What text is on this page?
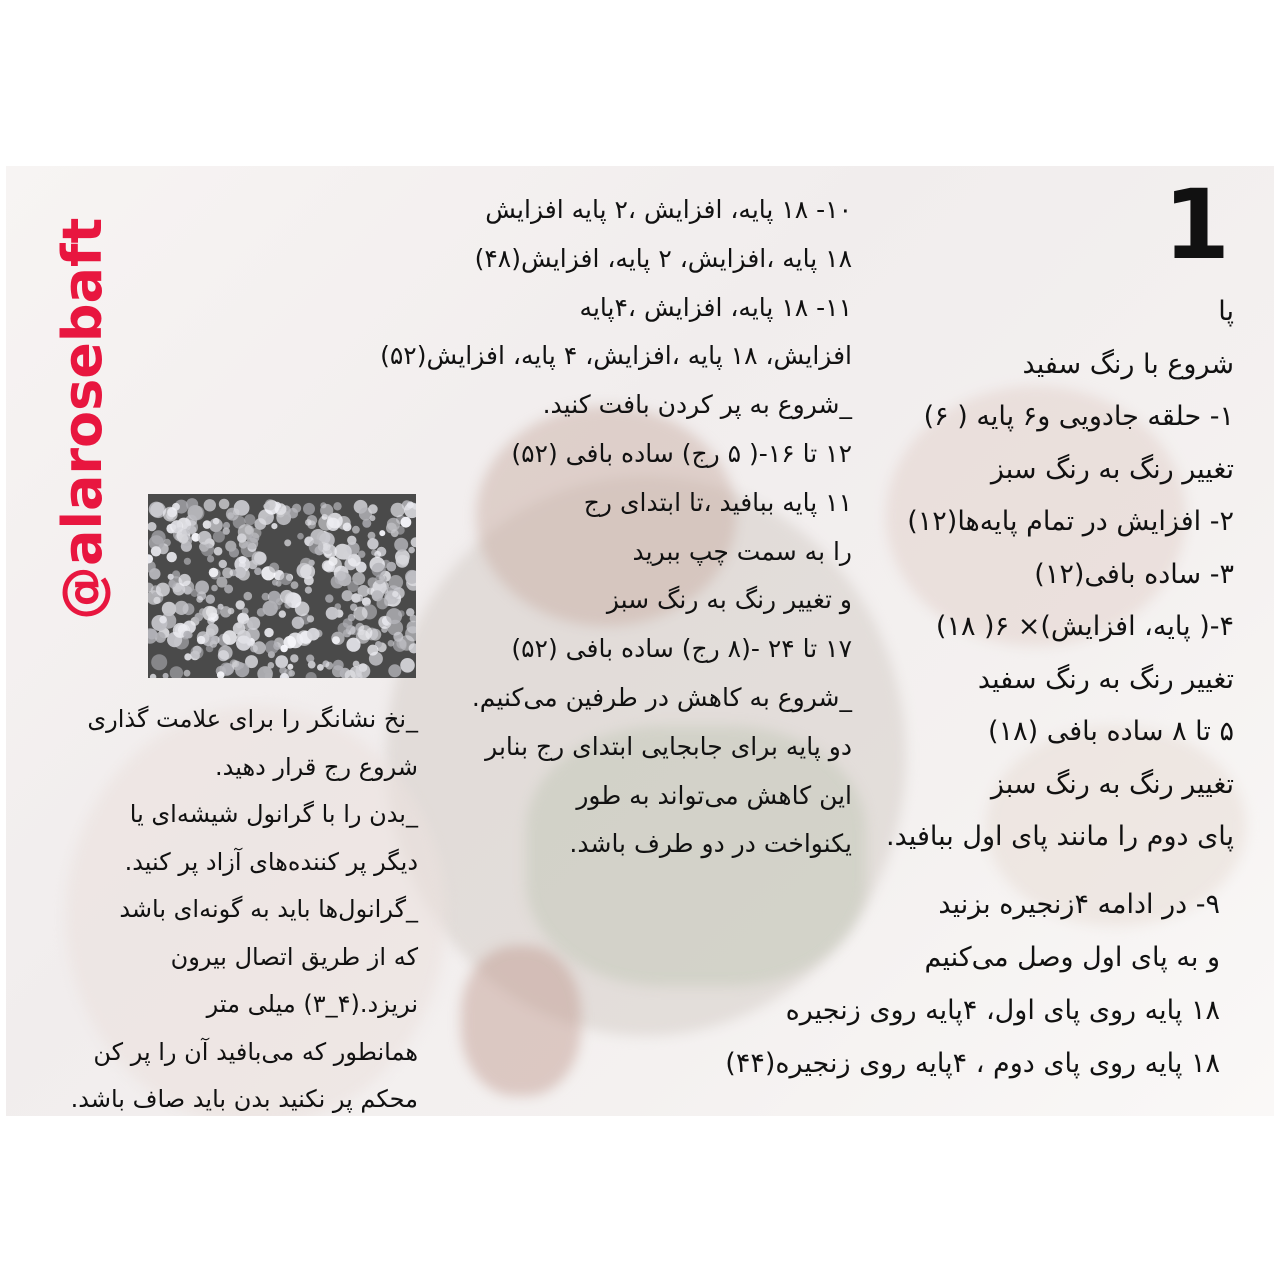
@alarosebaft	1
پا
شروع با رنگ سفید
۱- حلقه جادویی و۶ پایه ( ۶)
تغییر رنگ به رنگ سبز
۲- افزایش در تمام پایه‌ها(۱۲)
۳- ساده بافی(۱۲)
۴-( پایه، افزایش)× ۶( ۱۸)
تغییر رنگ به رنگ سفید
۵ تا ۸ ساده بافی (۱۸)
تغییر رنگ به رنگ سبز
پای دوم را مانند پای اول ببافید.
۹- در ادامه ۴زنجیره بزنید
و به پای اول وصل می‌کنیم
۱۸ پایه روی پای اول، ۴پایه روی زنجیره
۱۸ پایه روی پای دوم ، ۴پایه روی زنجیره(۴۴)
۱۰- ۱۸ پایه، افزایش ،۲ پایه افزایش
۱۸ پایه ،افزایش، ۲ پایه، افزایش(۴۸)
۱۱- ۱۸ پایه، افزایش ،۴پایه
افزایش، ۱۸ پایه ،افزایش، ۴ پایه، افزایش(۵۲)
_شروع به پر کردن بافت کنید.
۱۲ تا ۱۶-( ۵ رج) ساده بافی (۵۲)
۱۱ پایه ببافید ،تا ابتدای رج
را به سمت چپ ببرید
و تغییر رنگ به رنگ سبز
۱۷ تا ۲۴ -(۸ رج) ساده بافی (۵۲)
_شروع به کاهش در طرفین می‌کنیم.
دو پایه برای جابجایی ابتدای رج بنابر
این کاهش می‌تواند به طور
یکنواخت در دو طرف باشد.
_نخ نشانگر را برای علامت گذاری
شروع رج قرار دهید.
_بدن را با گرانول شیشه‌ای یا
دیگر پر کننده‌های آزاد پر کنید.
_گرانول‌ها باید به گونه‌ای باشد
که از طریق اتصال بیرون
نریزد.(۴_۳) میلی متر
همانطور که می‌بافید آن را پر کن
محکم پر نکنید بدن باید صاف باشد.
